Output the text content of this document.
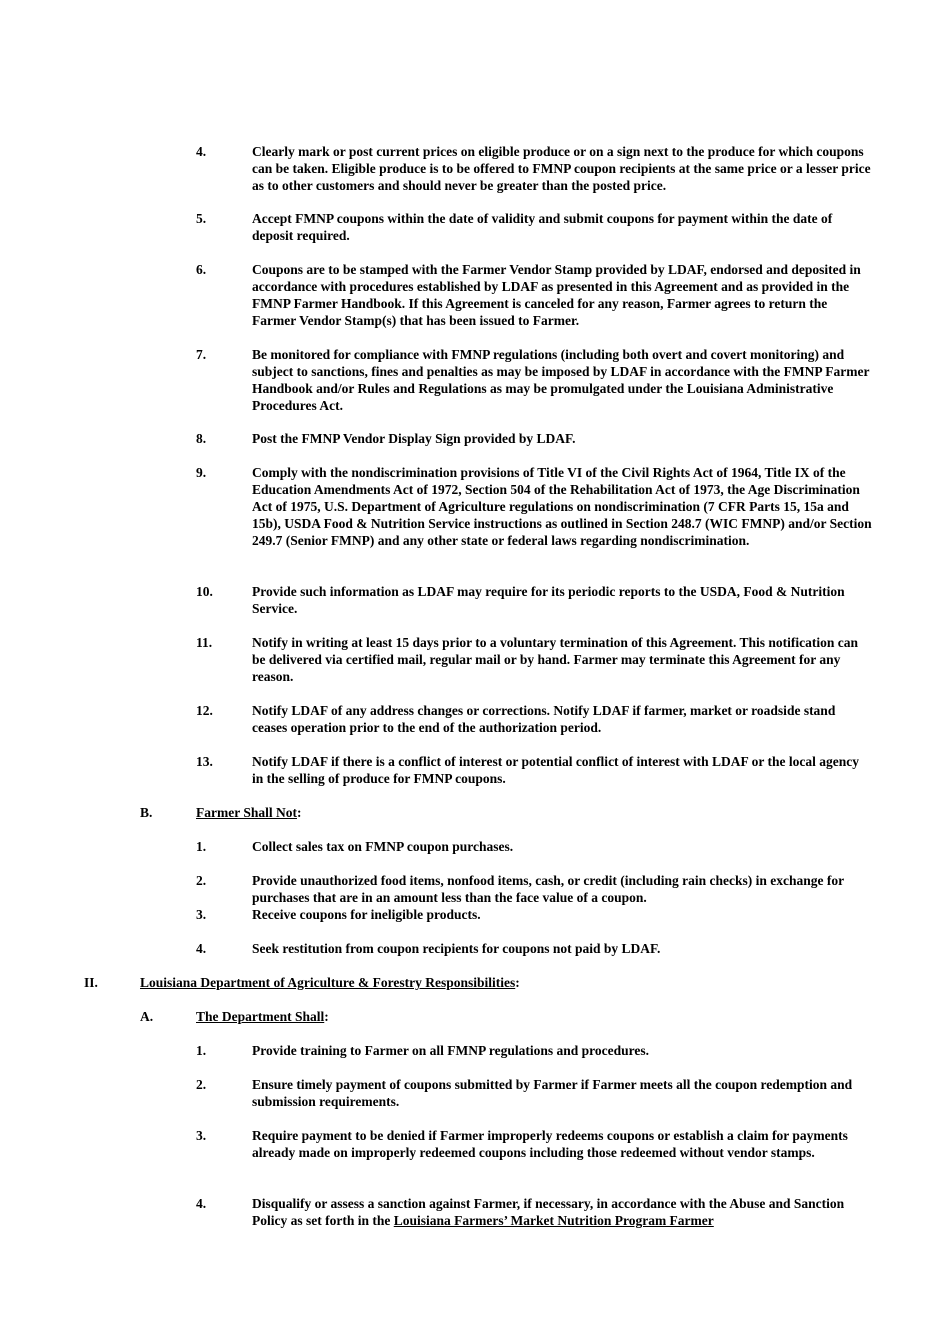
4.	Clearly mark or post current prices on eligible produce or on a sign next to the produce for which coupons can be taken. Eligible produce is to be offered to FMNP coupon recipients at the same price or a lesser price as to other customers and should never be greater than the posted price.
5.	Accept FMNP coupons within the date of validity and submit coupons for payment within the date of deposit required.
6.	Coupons are to be stamped with the Farmer Vendor Stamp provided by LDAF, endorsed and deposited in accordance with procedures established by LDAF as presented in this Agreement and as provided in the FMNP Farmer Handbook. If this Agreement is canceled for any reason, Farmer agrees to return the Farmer Vendor Stamp(s) that has been issued to Farmer.
7.	Be monitored for compliance with FMNP regulations (including both overt and covert monitoring) and subject to sanctions, fines and penalties as may be imposed by LDAF in accordance with the FMNP Farmer Handbook and/or Rules and Regulations as may be promulgated under the Louisiana Administrative Procedures Act.
8.	Post the FMNP Vendor Display Sign provided by LDAF.
9.	Comply with the nondiscrimination provisions of Title VI of the Civil Rights Act of 1964, Title IX of the Education Amendments Act of 1972, Section 504 of the Rehabilitation Act of 1973, the Age Discrimination Act of 1975, U.S. Department of Agriculture regulations on nondiscrimination (7 CFR Parts 15, 15a and 15b), USDA Food & Nutrition Service instructions as outlined in Section 248.7 (WIC FMNP) and/or Section 249.7 (Senior FMNP) and any other state or federal laws regarding nondiscrimination.
10.	Provide such information as LDAF may require for its periodic reports to the USDA, Food & Nutrition Service.
11.	Notify in writing at least 15 days prior to a voluntary termination of this Agreement. This notification can be delivered via certified mail, regular mail or by hand. Farmer may terminate this Agreement for any reason.
12.	Notify LDAF of any address changes or corrections. Notify LDAF if farmer, market or roadside stand ceases operation prior to the end of the authorization period.
13.	Notify LDAF if there is a conflict of interest or potential conflict of interest with LDAF or the local agency in the selling of produce for FMNP coupons.
B.	Farmer Shall Not:
1.	Collect sales tax on FMNP coupon purchases.
2.	Provide unauthorized food items, nonfood items, cash, or credit (including rain checks) in exchange for purchases that are in an amount less than the face value of a coupon.
3.	Receive coupons for ineligible products.
4.	Seek restitution from coupon recipients for coupons not paid by LDAF.
II.	Louisiana Department of Agriculture & Forestry Responsibilities:
A.	The Department Shall:
1.	Provide training to Farmer on all FMNP regulations and procedures.
2.	Ensure timely payment of coupons submitted by Farmer if Farmer meets all the coupon redemption and submission requirements.
3.	Require payment to be denied if Farmer improperly redeems coupons or establish a claim for payments already made on improperly redeemed coupons including those redeemed without vendor stamps.
4.	Disqualify or assess a sanction against Farmer, if necessary, in accordance with the Abuse and Sanction Policy as set forth in the Louisiana Farmers’ Market Nutrition Program Farmer
